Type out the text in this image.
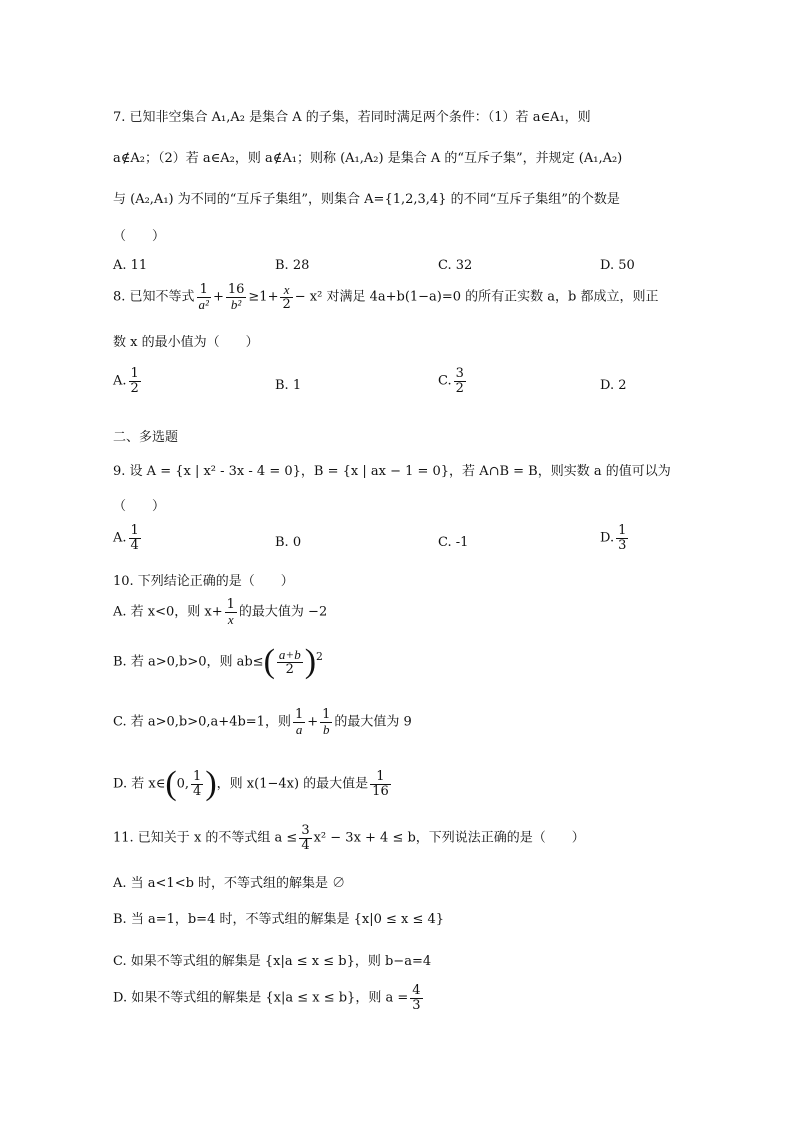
7. 已知非空集合 A₁,A₂ 是集合 A 的子集，若同时满足两个条件：（1）若 a∈A₁，则
a∉A₂；（2）若 a∈A₂，则 a∉A₁；则称 (A₁,A₂) 是集合 A 的“互斥子集”，并规定 (A₁,A₂)
与 (A₂,A₁) 为不同的“互斥子集组”，则集合 A={1,2,3,4} 的不同“互斥子集组”的个数是
（　　）
A. 11	B. 28	C. 32	D. 50
8. 已知不等式 $\frac{1}{\text{a²}} + \frac{16}{\text{b²}} \ge 1+ \frac{x}{2} - x^2$ 对满足 4a+b(1−a)=0 的所有正实数 a，b 都成立，则正
数 x 的最小值为（　　）
A. $\frac{1}{2}$	B. 1	C. $\frac{3}{2}$	D. 2
二、多选题
9. 设 A = {x | x² - 3x - 4 = 0}，B = {x | ax − 1 = 0}，若 A∩B = B，则实数 a 的值可以为
（　　）
A. $\frac{1}{4}$	B. 0	C. -1	D. $\frac{1}{3}$
10. 下列结论正确的是（　　）
A. 若 x<0，则 $x+ \frac{1}{x}$ 的最大值为 −2
B. 若 a>0,b>0，则 $ab\le( \frac{a+b}{2} )^2$
C. 若 a>0,b>0,a+4b=1，则 $\frac{1}{a} + \frac{1}{b}$ 的最大值为 9
D. 若 x∈(0, $\frac{1}{4}$ )，则 x(1−4x) 的最大值是 $\frac{1}{16}$
11. 已知关于 x 的不等式组 $a \le \frac{3}{4} x^2 - 3x + 4 \le b$，下列说法正确的是（　　）
A. 当 a<1<b 时，不等式组的解集是 ∅
B. 当 a=1，b=4 时，不等式组的解集是 {x|0 ≤ x ≤ 4}
C. 如果不等式组的解集是 {x|a ≤ x ≤ b}，则 b−a=4
D. 如果不等式组的解集是 {x|a ≤ x ≤ b}，则 $a = \frac{4}{3}$
